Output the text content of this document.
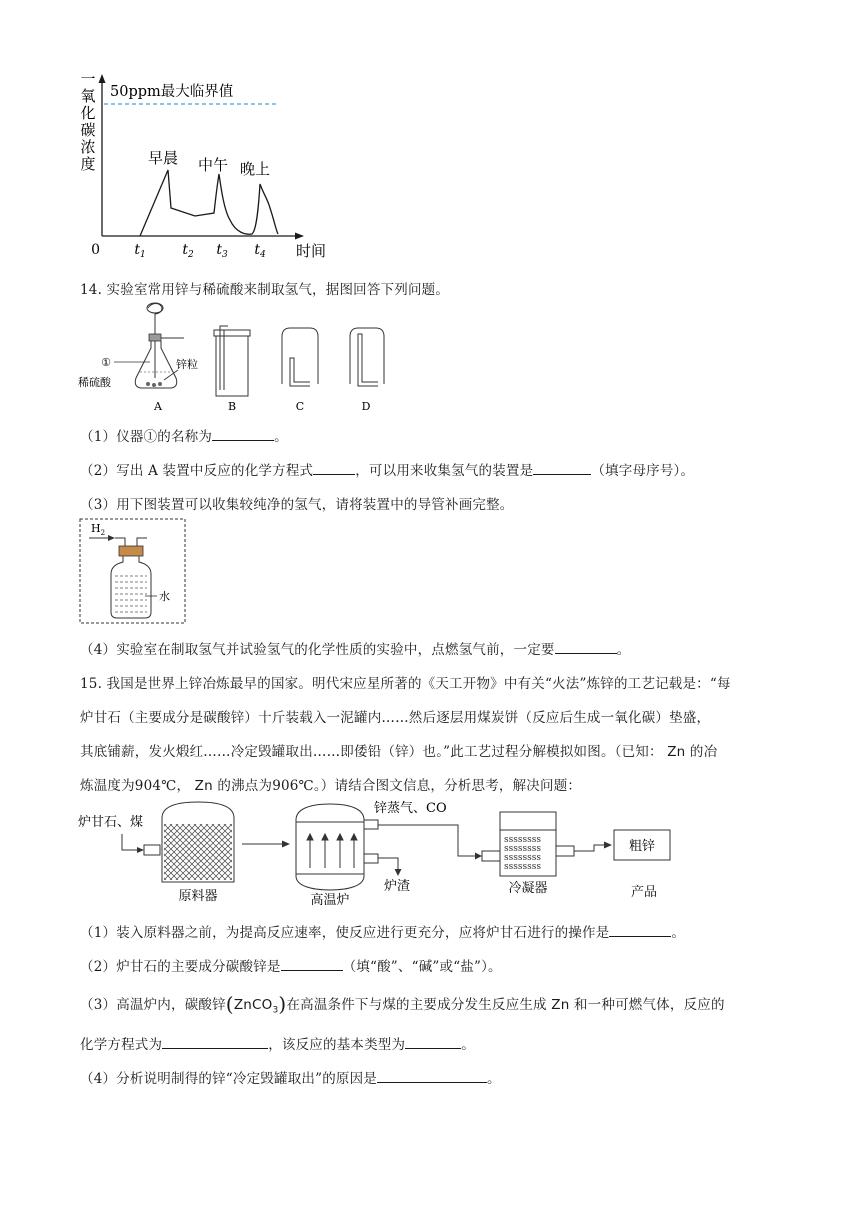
一氧化碳浓度
50ppm最大临界值
早晨 中午 晚上
0 $t_1$	$t_2$ $t_3$ $t_4$ 时间
14. 实验室常用锌与稀硫酸来制取氢气，据图回答下列问题。
①	锌粒
稀硫酸
A	B	C	D
（1）仪器①的名称为	。
（2）写出 A 装置中反应的化学方程式	，可以用来收集氢气的装置是	（填字母序号）。
（3）用下图装置可以收集较纯净的氢气，请将装置中的导管补画完整。
$H_2$
水
（4）实验室在制取氢气并试验氢气的化学性质的实验中，点燃氢气前，一定要	。
15. 我国是世界上锌冶炼最早的国家。明代宋应星所著的《天工开物》中有关“火法”炼锌的工艺记载是：“每
炉甘石（主要成分是碳酸锌）十斤装载入一泥罐内……然后逐层用煤炭饼（反应后生成一氧化碳）垫盛，
其底铺薪，发火煅红……冷定毁罐取出……即倭铅（锌）也。”此工艺过程分解模拟如图。（已知： Zn 的冶
炼温度为904℃， Zn 的沸点为906℃。）请结合图文信息，分析思考，解决问题：
炉甘石、煤
原料器	高温炉
锌蒸气、CO
炉渣
ssssssss
ssssssss
ssssssss
ssssssss
冷凝器
粗锌
产品
（1）装入原料器之前，为提高反应速率，使反应进行更充分，应将炉甘石进行的操作是	。
（2）炉甘石的主要成分碳酸锌是	（填“酸”、“碱”或“盐”）。
（3）高温炉内，碳酸锌(ZnCO$_3$)在高温条件下与煤的主要成分发生反应生成 Zn 和一种可燃气体，反应的
化学方程式为	，该反应的基本类型为	。
（4）分析说明制得的锌“冷定毁罐取出”的原因是	。
